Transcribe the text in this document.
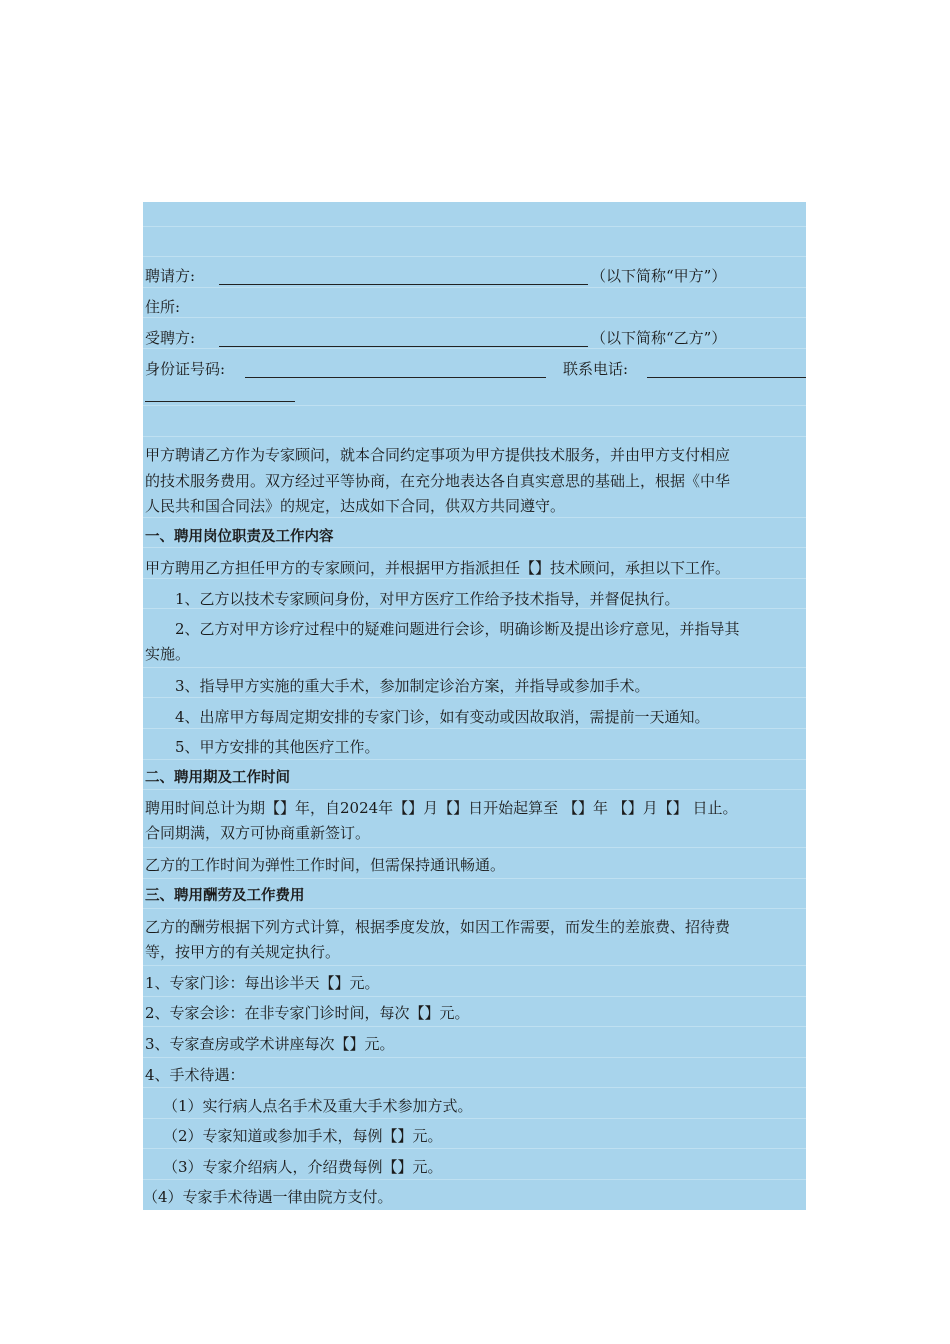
聘请方:	（以下简称“甲方”）
住所:
受聘方:	（以下简称“乙方”）
身份证号码:	联系电话:
甲方聘请乙方作为专家顾问，就本合同约定事项为甲方提供技术服务，并由甲方支付相应
的技术服务费用。双方经过平等协商，在充分地表达各自真实意思的基础上，根据《中华
人民共和国合同法》的规定，达成如下合同，供双方共同遵守。
一、聘用岗位职责及工作内容
甲方聘用乙方担任甲方的专家顾问，并根据甲方指派担任【】技术顾问，承担以下工作。
1、乙方以技术专家顾问身份，对甲方医疗工作给予技术指导，并督促执行。
2、乙方对甲方诊疗过程中的疑难问题进行会诊，明确诊断及提出诊疗意见，并指导其
实施。
3、指导甲方实施的重大手术，参加制定诊治方案，并指导或参加手术。
4、出席甲方每周定期安排的专家门诊，如有变动或因故取消，需提前一天通知。
5、甲方安排的其他医疗工作。
二、聘用期及工作时间
聘用时间总计为期【】年，自2024年【】月【】日开始起算至 【】年 【】月【】 日止。
合同期满，双方可协商重新签订。
乙方的工作时间为弹性工作时间，但需保持通讯畅通。
三、聘用酬劳及工作费用
乙方的酬劳根据下列方式计算，根据季度发放，如因工作需要，而发生的差旅费、招待费
等，按甲方的有关规定执行。
1、专家门诊：每出诊半天【】元。
2、专家会诊：在非专家门诊时间，每次【】元。
3、专家查房或学术讲座每次【】元。
4、手术待遇：
（1）实行病人点名手术及重大手术参加方式。
（2）专家知道或参加手术，每例【】元。
（3）专家介绍病人，介绍费每例【】元。
（4）专家手术待遇一律由院方支付。
